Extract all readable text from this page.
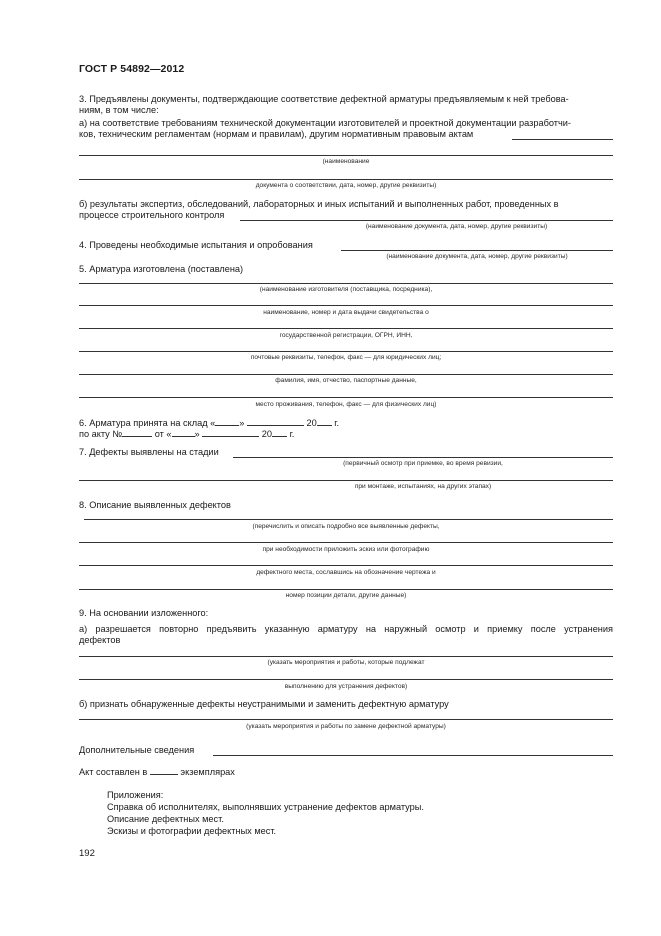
ГОСТ Р 54892—2012
3. Предъявлены документы, подтверждающие соответствие дефектной арматуры предъявляемым к ней требова-
ниям, в том числе:
а) на соответствие требованиям технической документации изготовителей и проектной документации разработчи-
ков, техническим регламентам (нормам и правилам), другим нормативным правовым актам
(наименование
документа о соответствии, дата, номер, другие реквизиты)
б) результаты экспертиз, обследований, лабораторных и иных испытаний и выполненных работ, проведенных в
процессе строительного контроля
(наименование документа, дата, номер, другие реквизиты)
4. Проведены необходимые испытания и опробования
(наименование документа, дата, номер, другие реквизиты)
5. Арматура изготовлена (поставлена)
(наименование изготовителя (поставщика, посредника),
наименование, номер и дата выдачи свидетельства о
государственной регистрации, ОГРН, ИНН,
почтовые реквизиты, телефон, факс — для юридических лиц;
фамилия, имя, отчество, паспортные данные,
место проживания, телефон, факс — для физических лиц)
6. Арматура принята на склад «	»	20 г.
по акту №	от «	»	20 г.
7. Дефекты выявлены на стадии
(первичный осмотр при приемке, во время ревизии,
при монтаже, испытаниях, на других этапах)
8. Описание выявленных дефектов
(перечислить и описать подробно все выявленные дефекты,
при необходимости приложить эскиз или фотографию
дефектного места, сославшись на обозначение чертежа и
номер позиции детали, другие данные)
9. На основании изложенного:
а) разрешается повторно предъявить указанную арматуру на наружный осмотр и приемку после устранения
дефектов
(указать мероприятия и работы, которые подлежат
выполнению для устранения дефектов)
б) признать обнаруженные дефекты неустранимыми и заменить дефектную арматуру
(указать мероприятия и работы по замене дефектной арматуры)
Дополнительные сведения
Акт составлен в	экземплярах
Приложения:
Справка об исполнителях, выполнявших устранение дефектов арматуры.
Описание дефектных мест.
Эскизы и фотографии дефектных мест.
192
